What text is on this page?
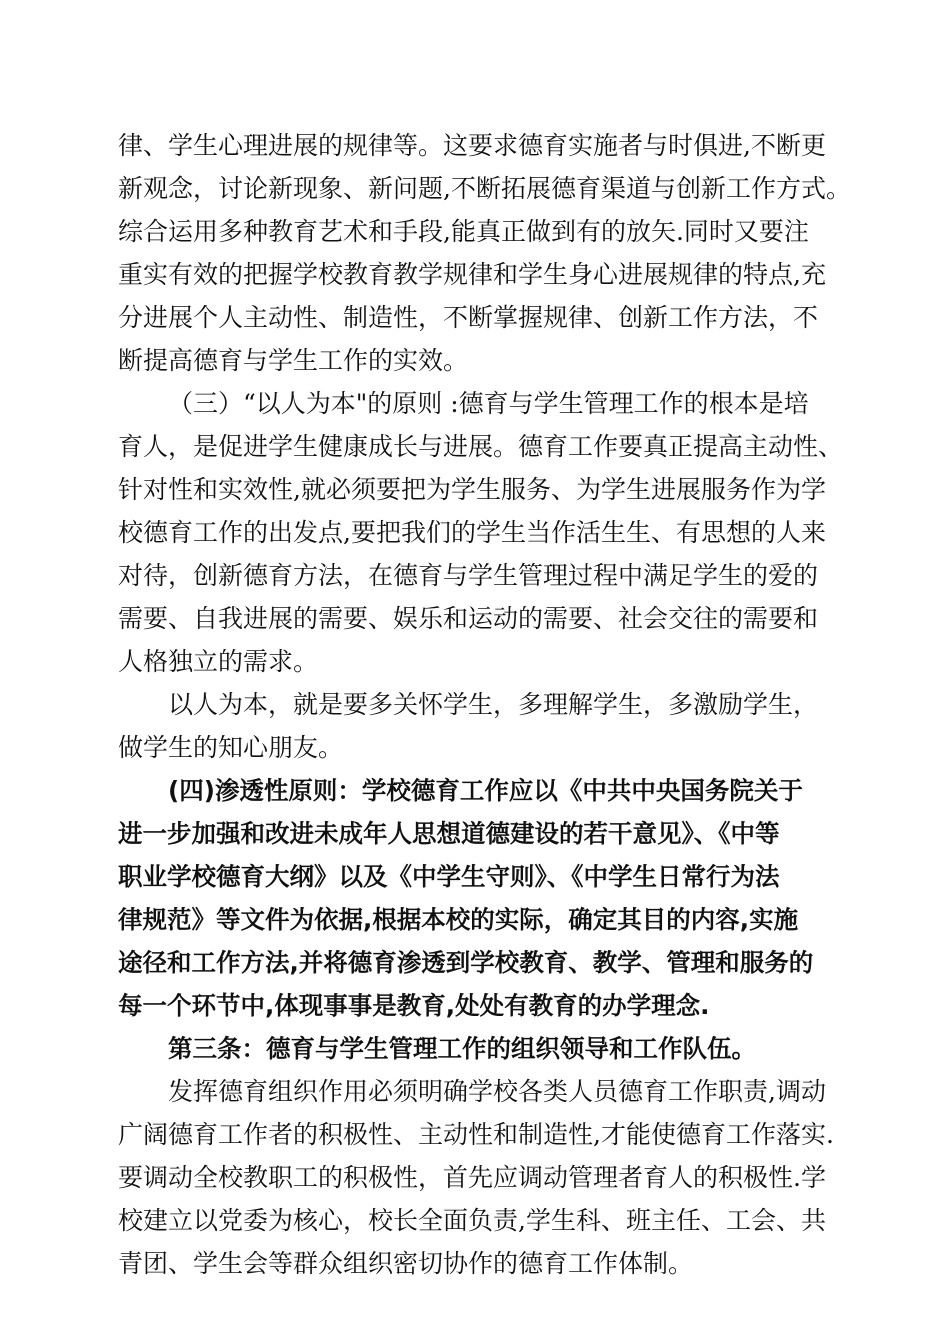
律、学生心理进展的规律等。这要求德育实施者与时俱进,不断更
新观念，讨论新现象、新问题,不断拓展德育渠道与创新工作方式。
综合运用多种教育艺术和手段,能真正做到有的放矢.同时又要注
重实有效的把握学校教育教学规律和学生身心进展规律的特点,充
分进展个人主动性、制造性，不断掌握规律、创新工作方法，不
断提高德育与学生工作的实效。

（三）“以人为本"的原则 :德育与学生管理工作的根本是培
育人，是促进学生健康成长与进展。德育工作要真正提高主动性、
针对性和实效性,就必须要把为学生服务、为学生进展服务作为学
校德育工作的出发点,要把我们的学生当作活生生、有思想的人来
对待，创新德育方法，在德育与学生管理过程中满足学生的爱的
需要、自我进展的需要、娱乐和运动的需要、社会交往的需要和
人格独立的需求。

以人为本，就是要多关怀学生，多理解学生，多激励学生，
做学生的知心朋友。

(四)渗透性原则：学校德育工作应以《中共中央国务院关于
进一步加强和改进未成年人思想道德建设的若干意见》、《中等
职业学校德育大纲》以及《中学生守则》、《中学生日常行为法
律规范》等文件为依据,根据本校的实际，确定其目的内容,实施
途径和工作方法,并将德育渗透到学校教育、教学、管理和服务的
每一个环节中,体现事事是教育,处处有教育的办学理念.

第三条：德育与学生管理工作的组织领导和工作队伍。

发挥德育组织作用必须明确学校各类人员德育工作职责,调动
广阔德育工作者的积极性、主动性和制造性,才能使德育工作落实.
要调动全校教职工的积极性，首先应调动管理者育人的积极性.学
校建立以党委为核心，校长全面负责,学生科、班主任、工会、共
青团、学生会等群众组织密切协作的德育工作体制。
